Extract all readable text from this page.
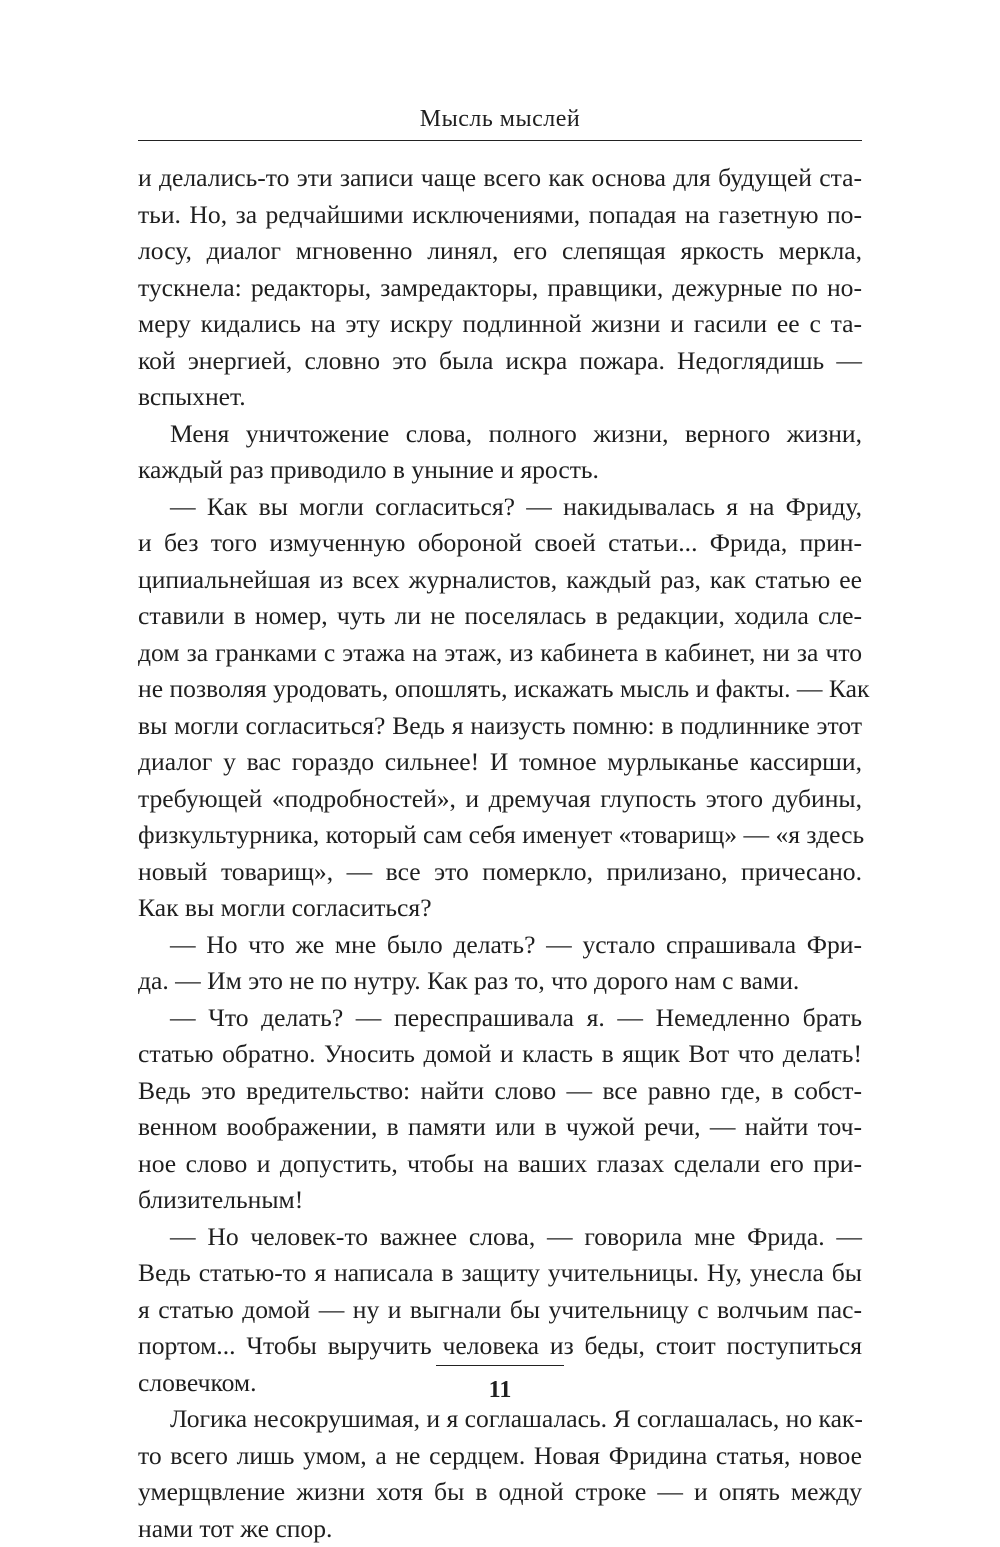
Мысль мыслей

и делались-то эти записи чаще всего как основа для будущей ста-
тьи. Но, за редчайшими исключениями, попадая на газетную по-
лосу, диалог мгновенно линял, его слепящая яркость меркла,
тускнела: редакторы, замредакторы, правщики, дежурные по но-
меру кидались на эту искру подлинной жизни и гасили ее с та-
кой энергией, словно это была искра пожара. Недоглядишь —
вспыхнет.

Меня уничтожение слова, полного жизни, верного жизни,
каждый раз приводило в уныние и ярость.

— Как вы могли согласиться? — накидывалась я на Фриду,
и без того измученную обороной своей статьи... Фрида, прин-
ципиальнейшая из всех журналистов, каждый раз, как статью ее
ставили в номер, чуть ли не поселялась в редакции, ходила сле-
дом за гранками с этажа на этаж, из кабинета в кабинет, ни за что
не позволяя уродовать, опошлять, искажать мысль и факты. — Как
вы могли согласиться? Ведь я наизусть помню: в подлиннике этот
диалог у вас гораздо сильнее! И томное мурлыканье кассирши,
требующей «подробностей», и дремучая глупость этого дубины,
физкультурника, который сам себя именует «товарищ» — «я здесь
новый товарищ», — все это померкло, прилизано, причесано.
Как вы могли согласиться?

— Но что же мне было делать? — устало спрашивала Фри-
да. — Им это не по нутру. Как раз то, что дорого нам с вами.

— Что делать? — переспрашивала я. — Немедленно брать
статью обратно. Уносить домой и класть в ящик Вот что делать!
Ведь это вредительство: найти слово — все равно где, в собст-
венном воображении, в памяти или в чужой речи, — найти точ-
ное слово и допустить, чтобы на ваших глазах сделали его при-
близительным!

— Но человек-то важнее слова, — говорила мне Фрида. —
Ведь статью-то я написала в защиту учительницы. Ну, унесла бы
я статью домой — ну и выгнали бы учительницу с волчьим пас-
портом... Чтобы выручить человека из беды, стоит поступиться
словечком.

Логика несокрушимая, и я соглашалась. Я соглашалась, но как-
то всего лишь умом, а не сердцем. Новая Фридина статья, новое
умерщвление жизни хотя бы в одной строке — и опять между
нами тот же спор.

11
